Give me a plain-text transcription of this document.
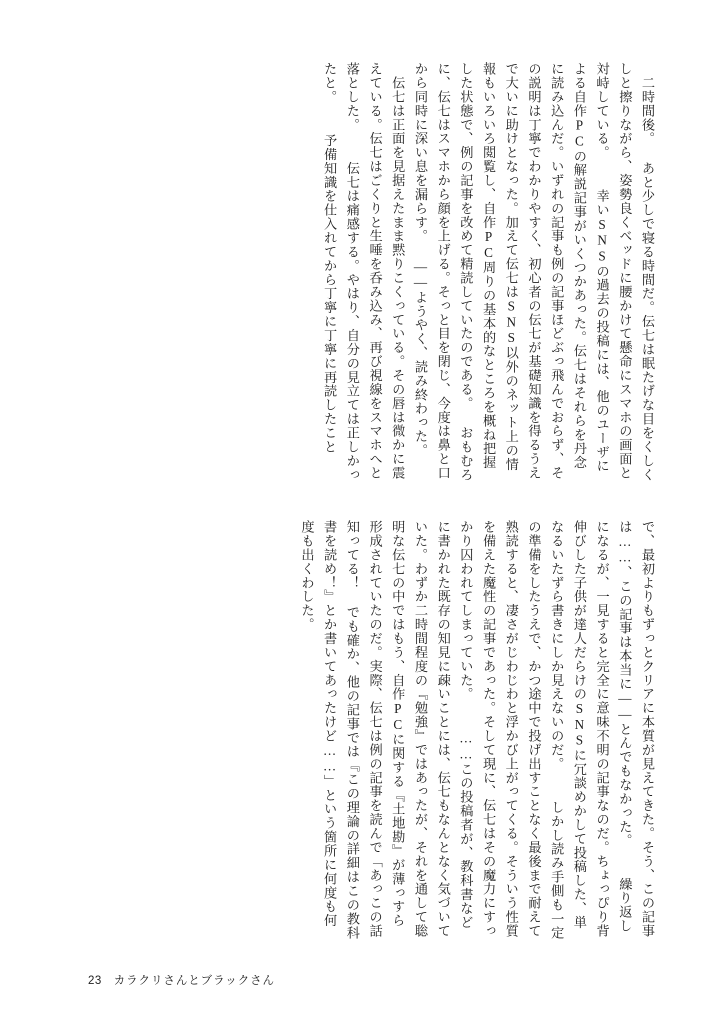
　二時間後。 あと少しで寝る時間だ。伝七は眠たげな目をくしくしと擦りながら、姿勢良くベッドに腰かけて懸命にスマホの画面と対峙している。 　幸いSNSの過去の投稿には、他のユーザによる自作PCの解説記事がいくつかあった。伝七はそれらを丹念に読み込んだ。いずれの記事も例の記事ほどぶっ飛んでおらず、その説明は丁寧でわかりやすく、初心者の伝七が基礎知識を得るうえで大いに助けとなった。加えて伝七はSNS以外のネット上の情報もいろいろ閲覧し、自作PC周りの基本的なところを概ね把握した状態で、例の記事を改めて精読していたのである。 おもむろに、伝七はスマホから顔を上げる。そっと目を閉じ、今度は鼻と口から同時に深い息を漏らす。 ——ようやく、読み終わった。 　伝七は正面を見据えたまま黙りこくっている。その唇は微かに震えている。伝七はごくりと生唾を呑み込み、再び視線をスマホへと落とした。 　伝七は痛感する。やはり、自分の見立ては正しかったと。 　予備知識を仕入れてから丁寧に丁寧に再読したこと

で、最初よりもずっとクリアに本質が見えてきた。そう、この記事は……、この記事は本当に——とんでもなかった。 　繰り返しになるが、一見すると完全に意味不明の記事なのだ。ちょっぴり背伸びした子供が達人だらけのSNSに冗談めかして投稿した、単なるいたずら書きにしか見えないのだ。 　しかし読み手側も一定の準備をしたうえで、かつ途中で投げ出すことなく最後まで耐えて熟読すると、凄さがじわじわと浮かび上がってくる。そういう性質を備えた魔性の記事であった。そして現に、伝七はその魔力にすっかり囚われてしまっていた。 　……この投稿者が、教科書などに書かれた既存の知見に疎いことには、伝七もなんとなく気づいていた。わずか二時間程度の『勉強』ではあったが、それを通して聡明な伝七の中ではもう、自作PCに関する『土地勘』が薄っすら形成されていたのだ。実際、伝七は例の記事を読んで「あっこの話知ってる！ でも確か、他の記事では『この理論の詳細はこの教科書を読め！』とか書いてあったけど……」という箇所に何度も何度も出くわした。

23 カラクリさんとブラックさん
